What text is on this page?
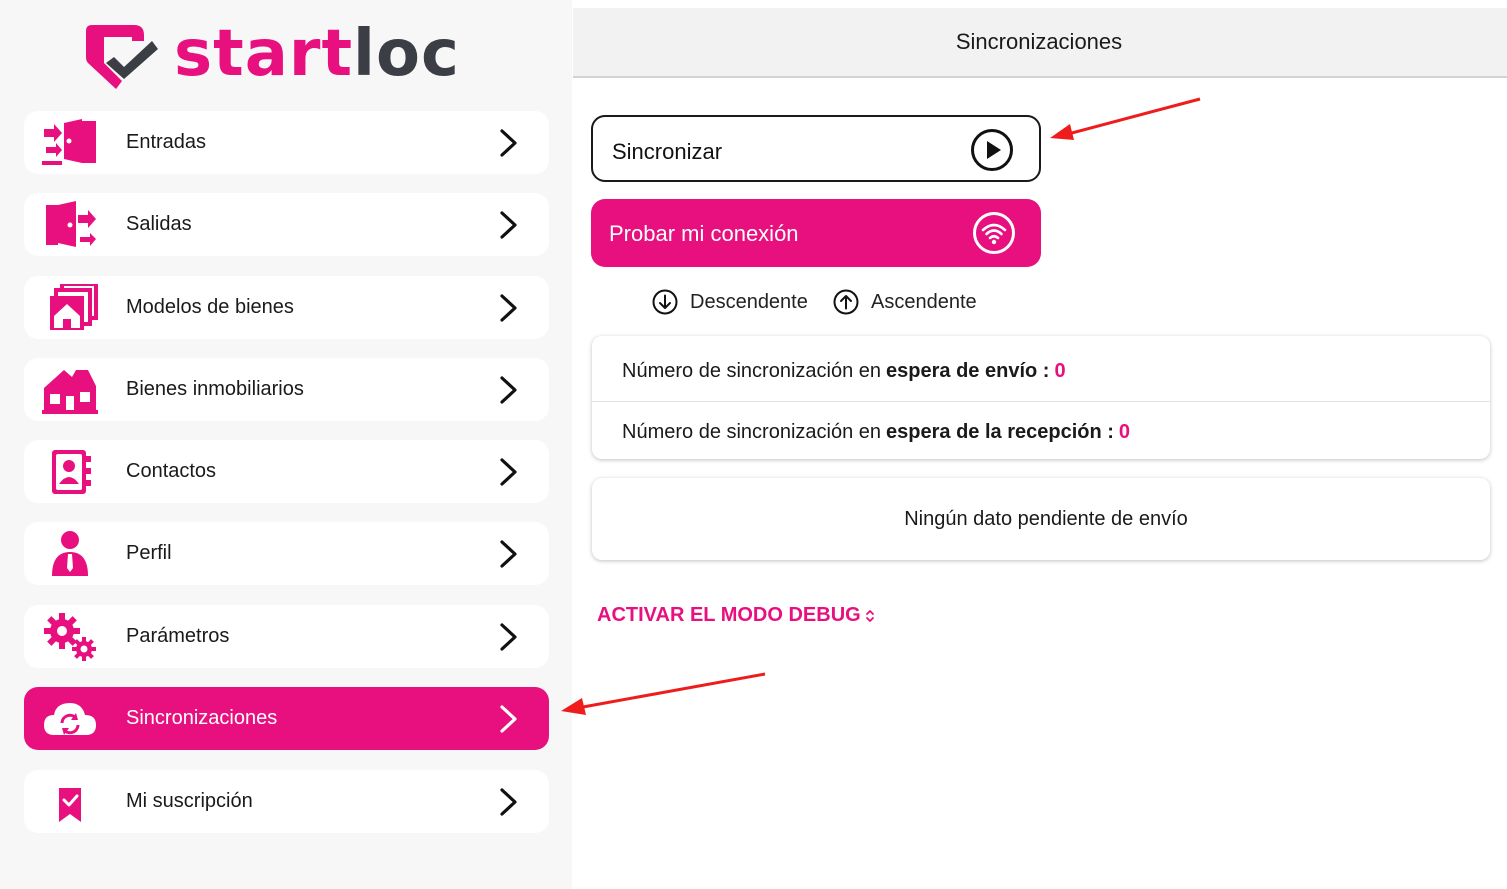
startloc
Entradas
Salidas
Modelos de bienes
Bienes inmobiliarios
Contactos
Perfil
Parámetros
Sincronizaciones
Mi suscripción
Sincronizaciones
Sincronizar
Probar mi conexión
Descendente	Ascendente
Número de sincronización en espera de envío : 0
Número de sincronización en espera de la recepción : 0
Ningún dato pendiente de envío
ACTIVAR EL MODO DEBUG
